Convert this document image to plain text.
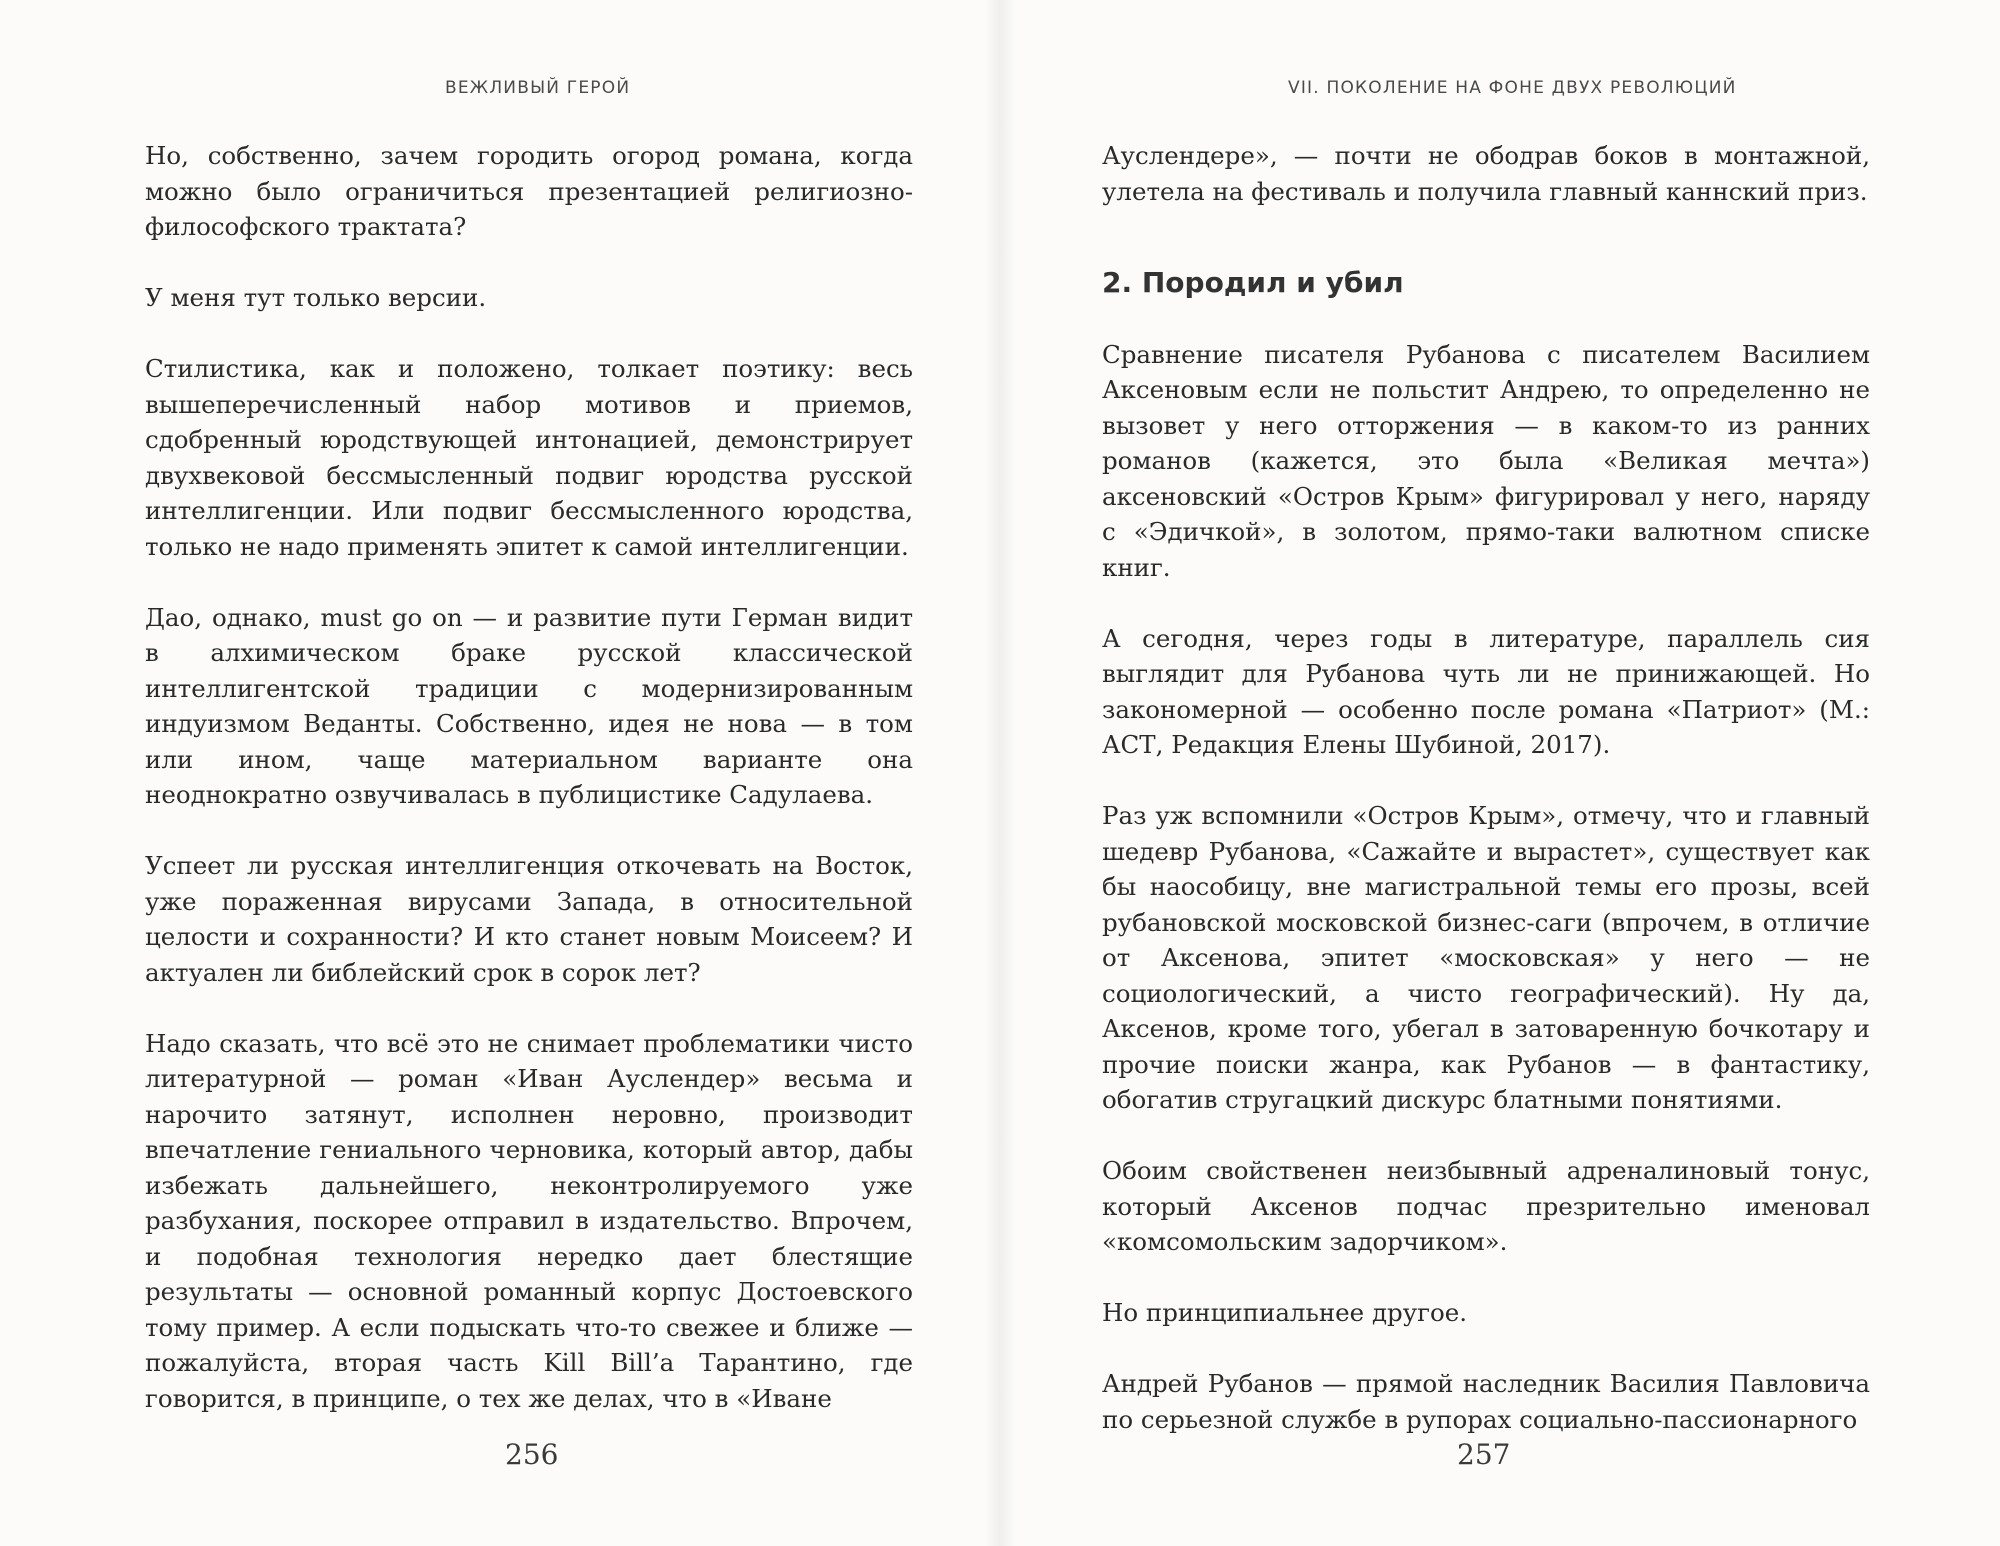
ВЕЖЛИВЫЙ ГЕРОЙ

Но, собственно, зачем городить огород романа, когда можно было ограничиться презентацией религиозно-философского трактата?

У меня тут только версии.

Стилистика, как и положено, толкает поэтику: весь вышеперечисленный набор мотивов и приемов, сдобренный юродствующей интонацией, демонстрирует двухвековой бессмысленный подвиг юродства русской интеллигенции. Или подвиг бессмысленного юродства, только не надо применять эпитет к самой интеллигенции.

Дао, однако, must go on — и развитие пути Герман видит в алхимическом браке русской классической интеллигентской традиции с модернизированным индуизмом Веданты. Собственно, идея не нова — в том или ином, чаще материальном варианте она неоднократно озвучивалась в публицистике Садулаева.

Успеет ли русская интеллигенция откочевать на Восток, уже пораженная вирусами Запада, в относительной целости и сохранности? И кто станет новым Моисеем? И актуален ли библейский срок в сорок лет?

Надо сказать, что всё это не снимает проблематики чисто литературной — роман «Иван Ауслендер» весьма и нарочито затянут, исполнен неровно, производит впечатление гениального черновика, который автор, дабы избежать дальнейшего, неконтролируемого уже разбухания, поскорее отправил в издательство. Впрочем, и подобная технология нередко дает блестящие результаты — основной романный корпус Достоевского тому пример. А если подыскать что-то свежее и ближе — пожалуйста, вторая часть Kill Bill’а Тарантино, где говорится, в принципе, о тех же делах, что в «Иване

256
VII. ПОКОЛЕНИЕ НА ФОНЕ ДВУХ РЕВОЛЮЦИЙ

Ауслендере», — почти не ободрав боков в монтажной, улетела на фестиваль и получила главный каннский приз.

2. Породил и убил

Сравнение писателя Рубанова с писателем Василием Аксеновым если не польстит Андрею, то определенно не вызовет у него отторжения — в каком-то из ранних романов (кажется, это была «Великая мечта») аксеновский «Остров Крым» фигурировал у него, наряду с «Эдичкой», в золотом, прямо-таки валютном списке книг.

А сегодня, через годы в литературе, параллель сия выглядит для Рубанова чуть ли не принижающей. Но закономерной — особенно после романа «Патриот» (М.: АСТ, Редакция Елены Шубиной, 2017).

Раз уж вспомнили «Остров Крым», отмечу, что и главный шедевр Рубанова, «Сажайте и вырастет», существует как бы наособицу, вне магистральной темы его прозы, всей рубановской московской бизнес-саги (впрочем, в отличие от Аксенова, эпитет «московская» у него — не социологический, а чисто географический). Ну да, Аксенов, кроме того, убегал в затоваренную бочкотару и прочие поиски жанра, как Рубанов — в фантастику, обогатив стругацкий дискурс блатными понятиями.

Обоим свойственен неизбывный адреналиновый тонус, который Аксенов подчас презрительно именовал «комсомольским задорчиком».

Но принципиальнее другое.

Андрей Рубанов — прямой наследник Василия Павловича по серьезной службе в рупорах социально-пассионарного

257
